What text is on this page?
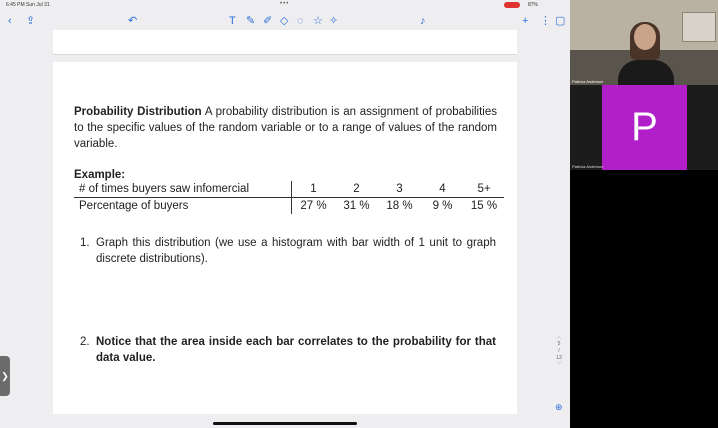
6:45 PM Sun Jul 31	•••	87%
‹ ⇪	↶	T ✎ ✐ ◇ ◌ ☆ ✧	♪	+ ⋮ ▢
Probability Distribution A probability distribution is an assignment of probabilities to the specific values of the random variable or to a range of values of the random variable.
Example:
# of times buyers saw infomercial	1	2	3	4	5+
Percentage of buyers	27 %	31 %	18 %	9 %	15 %
1. Graph this distribution (we use a histogram with bar width of 1 unit to graph discrete distributions).
2. Notice that the area inside each bar correlates to the probability for that data value.
❯
︿
5
/
13
﹀
⊕
Patricia Anderson
P
Patricia Anderson
